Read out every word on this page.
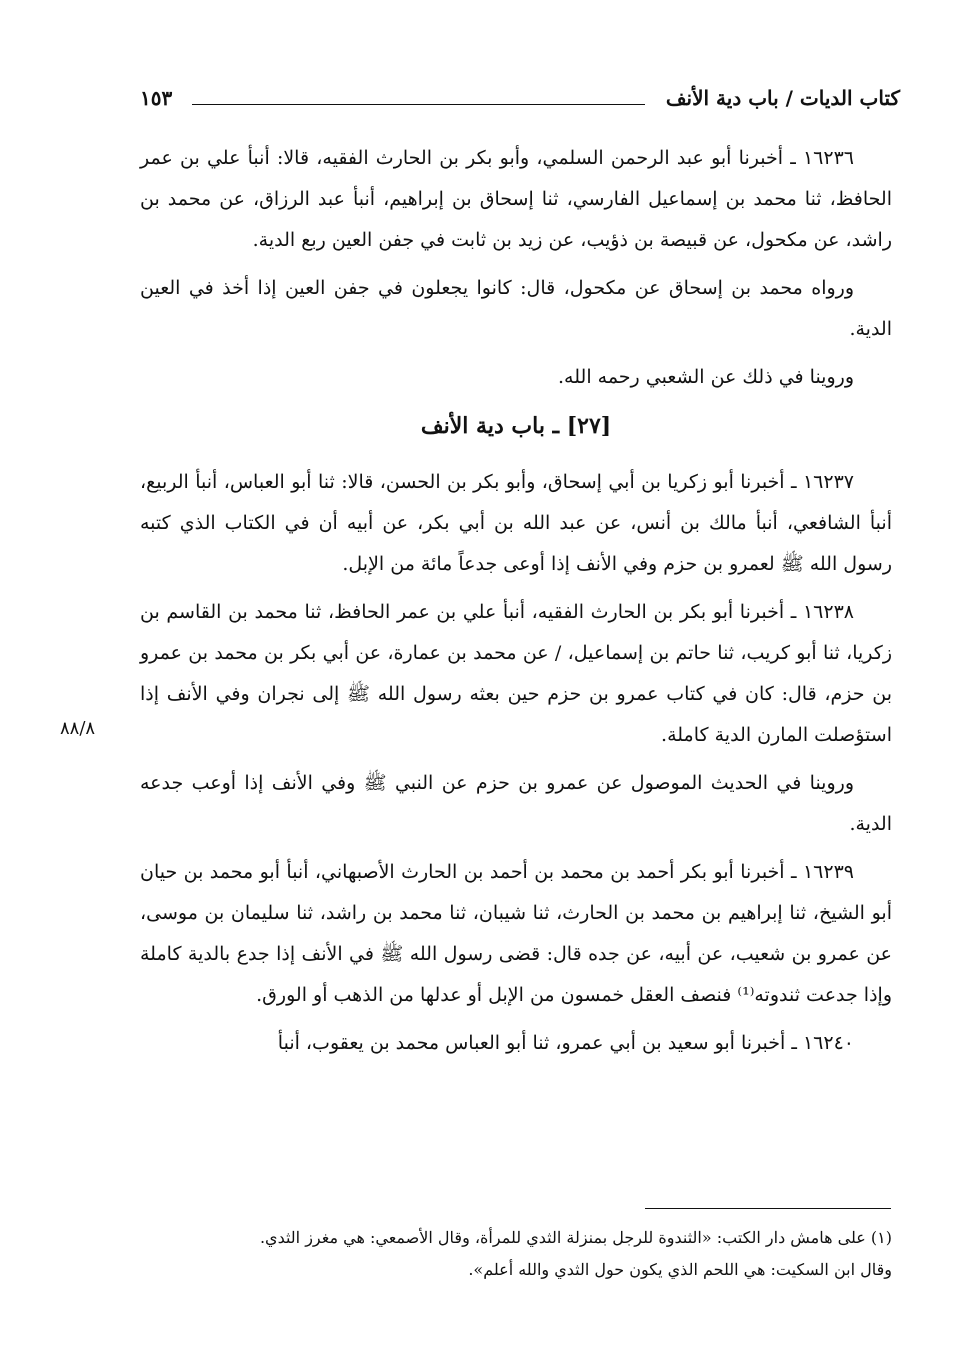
كتاب الديات / باب دية الأنف
١٥٣

١٦٢٣٦ ـ أخبرنا أبو عبد الرحمن السلمي، وأبو بكر بن الحارث الفقيه، قالا: أنبأ علي بن عمر الحافظ، ثنا محمد بن إسماعيل الفارسي، ثنا إسحاق بن إبراهيم، أنبأ عبد الرزاق، عن محمد بن راشد، عن مكحول، عن قبيصة بن ذؤيب، عن زيد بن ثابت في جفن العين ربع الدية.

ورواه محمد بن إسحاق عن مكحول، قال: كانوا يجعلون في جفن العين إذا أخذ في العين الدية.

وروينا في ذلك عن الشعبي رحمه الله.

[٢٧] ـ باب دية الأنف

١٦٢٣٧ ـ أخبرنا أبو زكريا بن أبي إسحاق، وأبو بكر بن الحسن، قالا: ثنا أبو العباس، أنبأ الربيع، أنبأ الشافعي، أنبأ مالك بن أنس، عن عبد الله بن أبي بكر، عن أبيه أن في الكتاب الذي كتبه رسول الله ﷺ لعمرو بن حزم وفي الأنف إذا أوعى جدعاً مائة من الإبل.

١٦٢٣٨ ـ أخبرنا أبو بكر بن الحارث الفقيه، أنبأ علي بن عمر الحافظ، ثنا محمد بن القاسم بن زكريا، ثنا أبو كريب، ثنا حاتم بن إسماعيل، / عن محمد بن عمارة، عن أبي بكر بن محمد بن عمرو بن حزم، قال: كان في كتاب عمرو بن حزم حين بعثه رسول الله ﷺ إلى نجران وفي الأنف إذا استؤصلت المارن الدية كاملة.

وروينا في الحديث الموصول عن عمرو بن حزم عن النبي ﷺ وفي الأنف إذا أوعب جدعه الدية.

١٦٢٣٩ ـ أخبرنا أبو بكر أحمد بن محمد بن أحمد بن الحارث الأصبهاني، أنبأ أبو محمد بن حيان أبو الشيخ، ثنا إبراهيم بن محمد بن الحارث، ثنا شيبان، ثنا محمد بن راشد، ثنا سليمان بن موسى، عن عمرو بن شعيب، عن أبيه، عن جده قال: قضى رسول الله ﷺ في الأنف إذا جدع بالدية كاملة وإذا جدعت ثندوته⁽¹⁾ فنصف العقل خمسون من الإبل أو عدلها من الذهب أو الورق.

١٦٢٤٠ ـ أخبرنا أبو سعيد بن أبي عمرو، ثنا أبو العباس محمد بن يعقوب، أنبأ

٨٨/٨
(١) على هامش دار الكتب: «الثندوة للرجل بمنزلة الثدي للمرأة، وقال الأصمعي: هي مغرز الثدي.
وقال ابن السكيت: هي اللحم الذي يكون حول الثدي والله أعلم».
